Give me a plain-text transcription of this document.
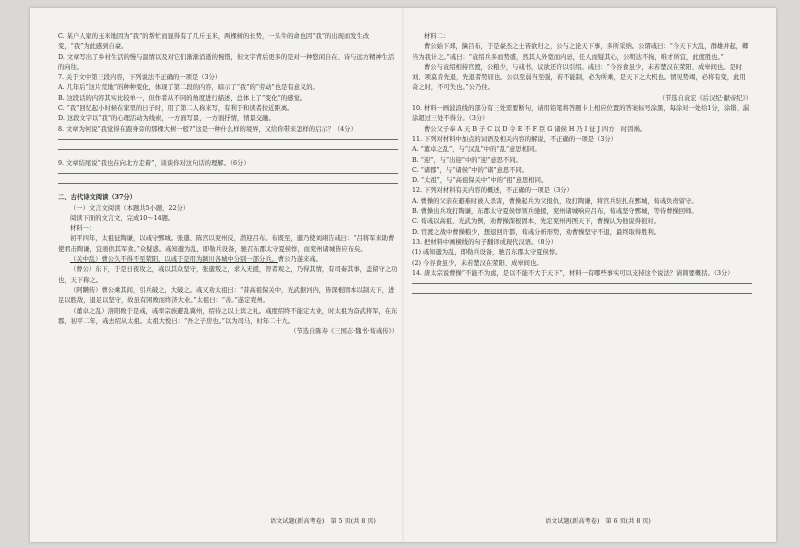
C. 某户人家的玉米地因为“我”的帮忙而显得有了几斤玉米，两棵树的长势，一头牛的命也因“我”的出现而发生改变，“我”为此感到自豪。

D. 文章写出了乡村生活的慢与温情以及对它们渐渐消逝的惋惜，但文字背后更多的是对一种悠闲自在、诗与远方精神生活的向往。

7. 关于文中第三段内容，下列说法不正确的一项是（3分）

A. 几年后“这片荒地”的种种变化，体现了第二段的内容，暗示了“我”的“劳动”也是有意义的。

B. 这段话的内容其实比较单一，但作者从不同的角度进行描述，总体上了“变化”的感觉。

C. “我”回忆起小时候在家里的日子时，用了第二人称来写，有利于和读者拉近距离。

D. 这段文字以“我”的心理活动为线索，一方面写景，一方面抒情，情景交融。

8. 文章为何说“我觉得在跟身旁的那棵大树一般?”这是一种什么样的境界，又给你带来怎样的启示？（4分）

9. 文章结尾说“我也在向北方走着”，谈谈你对这句话的理解。（6分）

二、古代诗文阅读（37分）

（一）文言文阅读（本题共5小题，22分）

阅读下面的文言文，完成10～14题。

材料一：

初平四年，太祖征陶谦，以彧守鄄城。张邈、陈宫以兖州反，潜迎吕布。布既至，邈乃使刘翊告彧曰：“吕将军来助曹使君击陶谦，宜亟供其军食。”众疑惑。彧知邈为乱，即勒兵设备，驰召东郡太守夏侯惇，而兖州诸城皆应布矣。

（关中乱）曹公久不得不至荥阳，以彧于是用为颍川各城中分别一部分兵。曹公乃遂来彧。

（曹公）东下，于是日夜攻之，彧以其众坚守，张邈叛之，求入无援，智者观之，乃得其情，有司奏其事，盖留守之功也，天下称之。

（阿瞒传）曹公乘其间，引兵破之，大破之。彧又劝太祖曰：“昔高祖保关中，光武据河内，皆深根固本以制天下，进足以胜敌，退足以坚守，故虽有困败而终济大业。”太祖曰：“善。”遂定兖州。

（董卓之乱）洛阳败于是彧，彧率宗族避乱冀州，绍待之以上宾之礼。彧度绍终不能定大业，时太祖为奋武将军，在东郡，初平二年，彧去绍从太祖。太祖大悦曰：“吾之子房也。”以为司马，时年二十九。

（节选自陈寿《三国志·魏书·荀彧传》）

语文试题(新高考卷)　第 5 页(共 8 页)

材料二：

曹公始下邳，擒吕布，于是豪杰之士皆欲归之，公与之论天下事，多所采纳。公谓彧曰：“今天下大乱，群雄并起，卿当为我计之。”彧曰：“袁绍兵多而势盛，然其人外宽而内忌，任人而疑其心，公明达不拘，唯才所宜，此度胜也。”

曹公与袁绍相持官渡，公粮少，与彧书，议欲还许以引绍。彧曰：“今谷食虽少，未若楚汉在荥阳、成皋间也。是时刘、项莫肯先退，先退者势屈也。公以至弱当至强，若不能制，必为所乘，是天下之大机也。情见势竭，必将有变，此用奇之时，不可失也。”公乃住。

（节选自袁宏《后汉纪·献帝纪》）

10. 材料一画波浪线的部分有三处需要断句，请用铅笔将答题卡上相应位置的答案标号涂黑，每涂对一处给1分，涂错、漏涂超过三处不得分。（3分）

曹公父子奉 A 天 B 子 C 以 D 令 E 不 F 臣 G 诸侯 H 乃 I 征 J 四方　时因祸。

11. 下列对材料中加点的词语及相关内容的解说，不正确的一项是（3分）

A. “董卓之乱”，与“汉乱”中的“乱”意思相同。

B. “迎”，与“出迎”中的“迎”意思不同。

C. “诸郡”，与“诸侯”中的“诸”意思不同。

D. “太祖”，与“高祖保关中”中的“祖”意思相同。

12. 下列对材料有关内容的概述，不正确的一项是（3分）

A. 曹操的父亲在避难时被人杀害，曹操起兵为父报仇，攻打陶谦，将官兵驻扎在鄄城，荀彧负责留守。

B. 曹操出兵攻打陶谦，东郡太守夏侯惇领兵驰援，兖州诸城响应吕布，荀彧坚守鄄城，等待曹操回师。

C. 荀彧以高祖、光武为例，劝曹操深根固本，先定兖州再图天下，曹操认为他说得很对。

D. 官渡之战中曹操粮少，想退回许都，荀彧分析形势，劝曹操坚守不退，最终取得胜利。

13. 把材料中画横线的句子翻译成现代汉语。（8分）

(1) 彧知邈为乱，即勒兵设备，驰召东郡太守夏侯惇。

(2) 今谷食虽少，未若楚汉在荥阳、成皋间也。

14. 唐太宗说曹操“不能不为虑，是以不能不大于天下”，材料一有哪些事实可以支持这个说法？请简要概括。（3分）

语文试题(新高考卷)　第 6 页(共 8 页)
